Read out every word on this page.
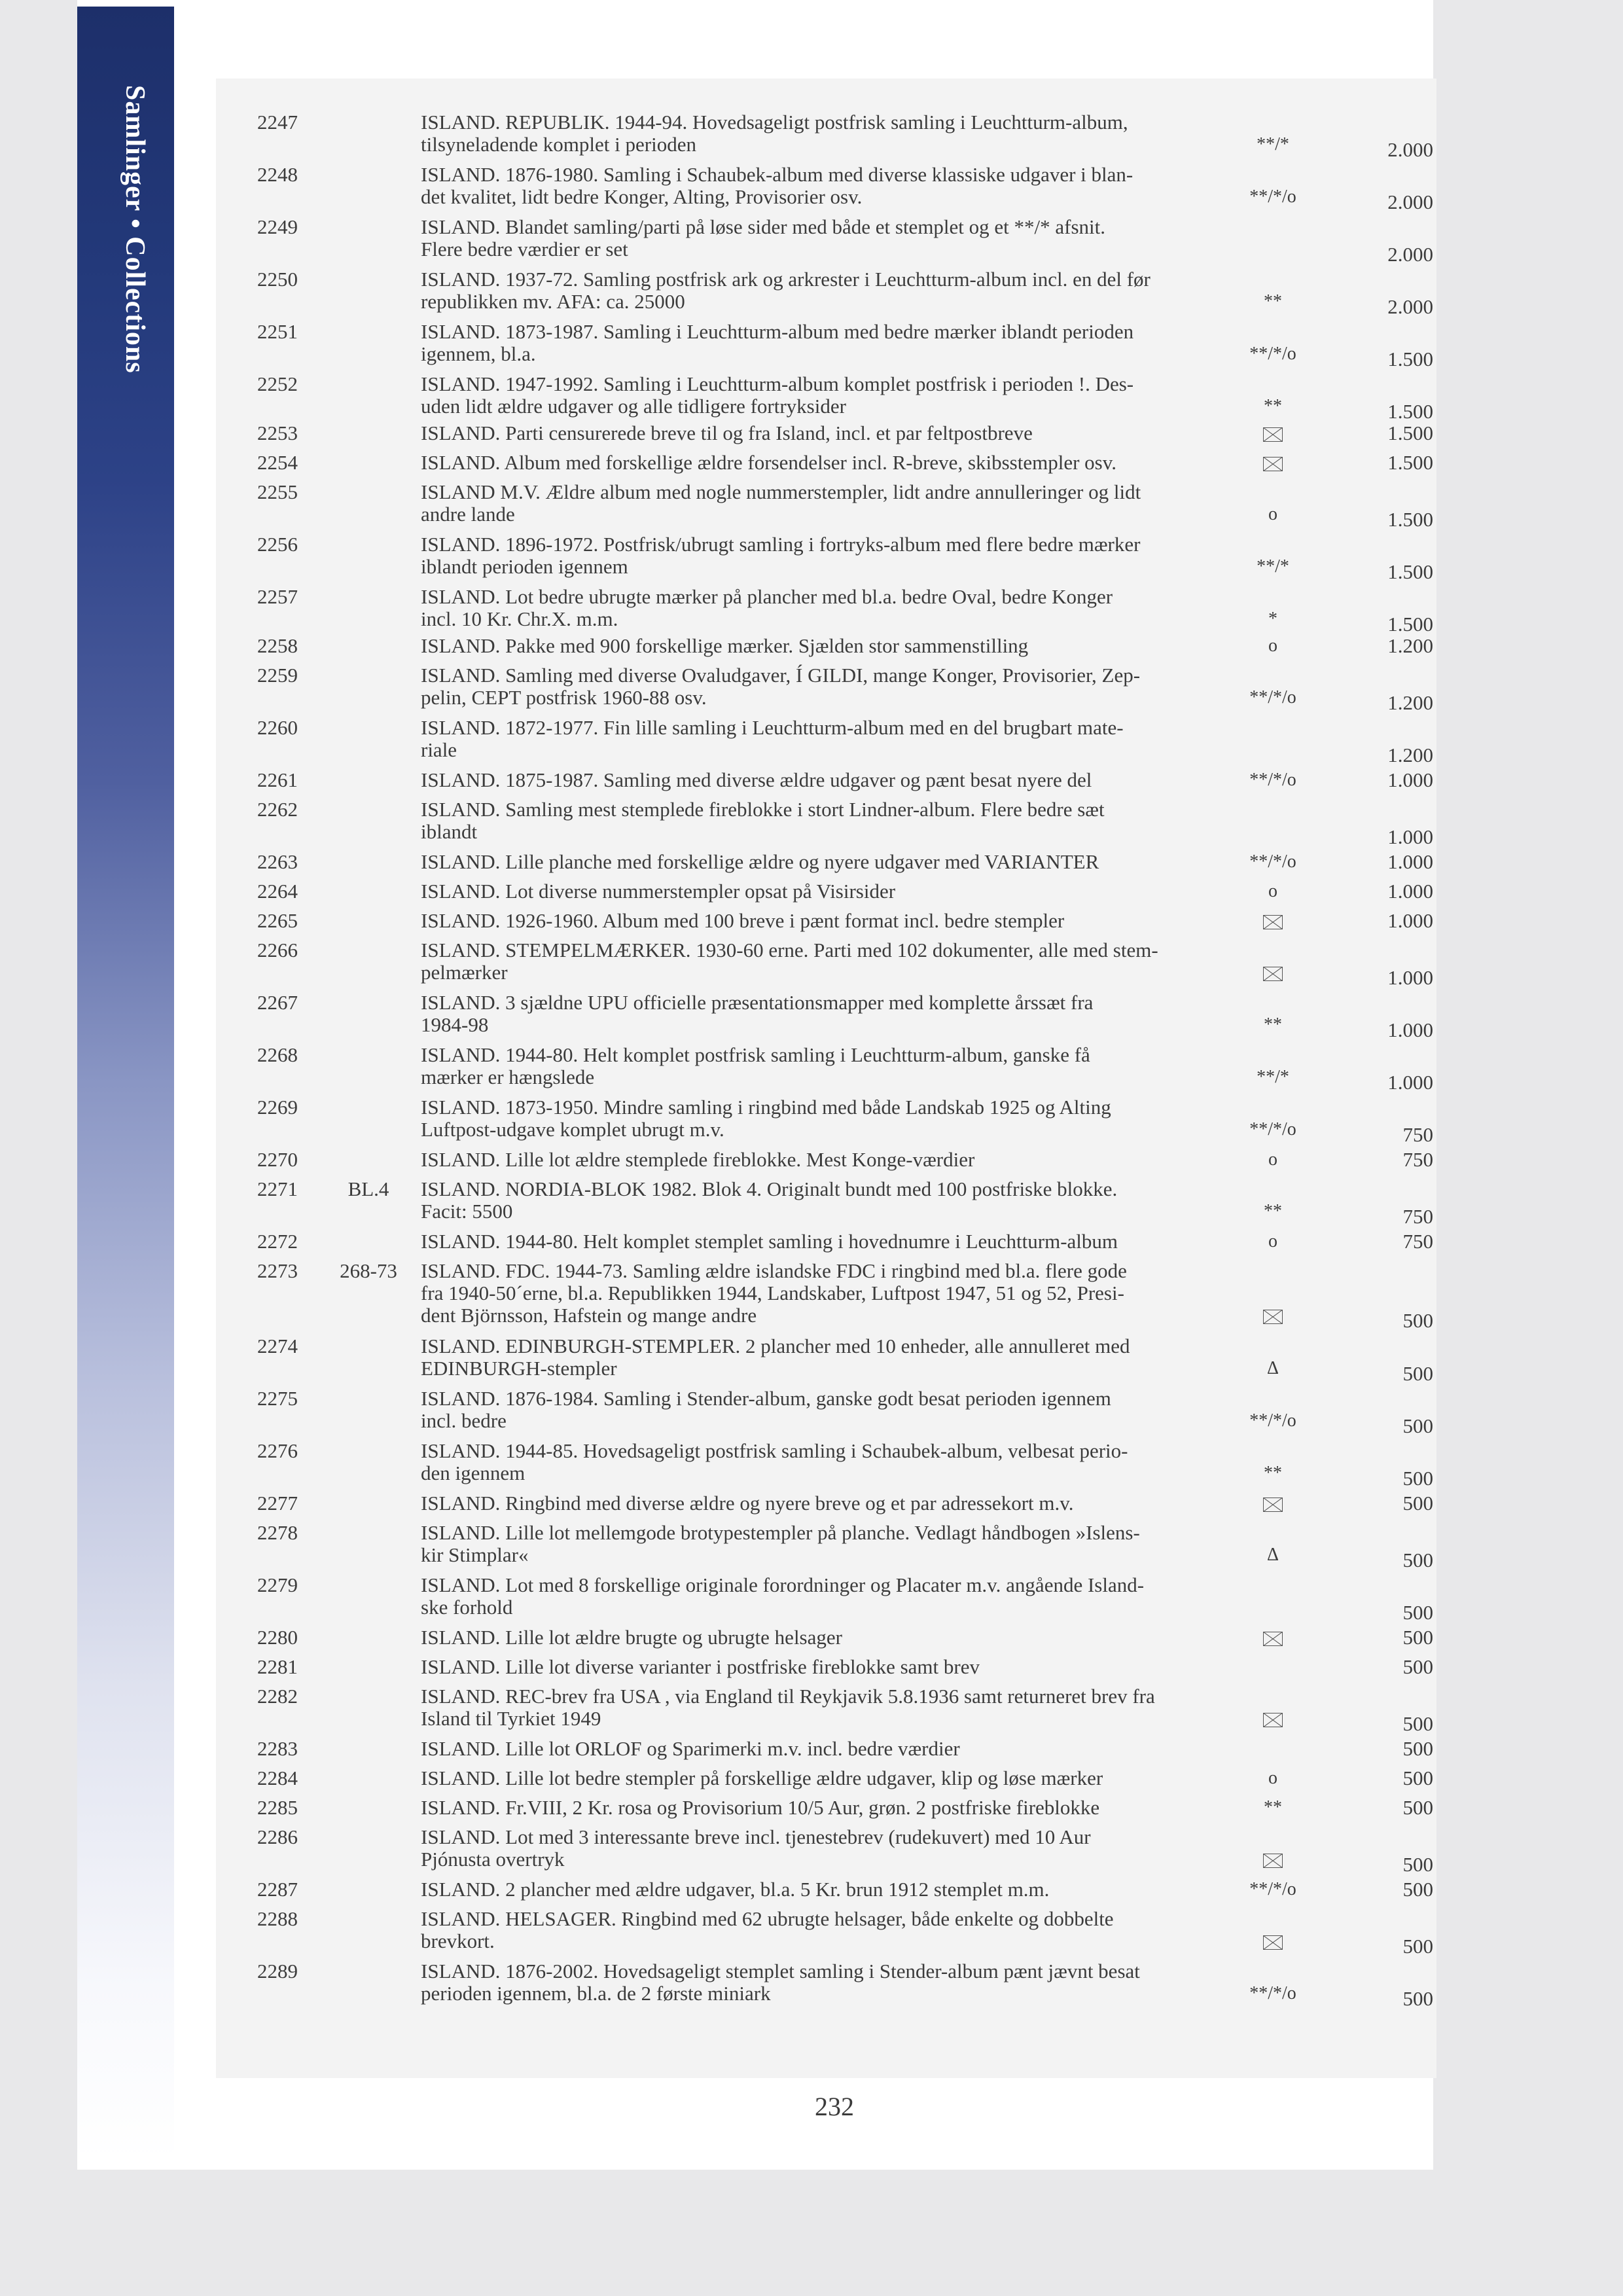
Samlinger • Collections	2247	ISLAND. REPUBLIK. 1944-94. Hovedsageligt postfrisk samling i Leuchtturm-album,
tilsyneladende komplet i perioden	**/*	2.000
2248	ISLAND. 1876-1980. Samling i Schaubek-album med diverse klassiske udgaver i blan-
det kvalitet, lidt bedre Konger, Alting, Provisorier osv.	**/*/o	2.000
2249	ISLAND. Blandet samling/parti på løse sider med både et stemplet og et **/* afsnit.
Flere bedre værdier er set	2.000
2250	ISLAND. 1937-72. Samling postfrisk ark og arkrester i Leuchtturm-album incl. en del før
republikken mv. AFA: ca. 25000	**	2.000
2251	ISLAND. 1873-1987. Samling i Leuchtturm-album med bedre mærker iblandt perioden
igennem, bl.a.	**/*/o	1.500
2252	ISLAND. 1947-1992. Samling i Leuchtturm-album komplet postfrisk i perioden !. Des-
uden lidt ældre udgaver og alle tidligere fortryksider	**	1.500
2253	ISLAND. Parti censurerede breve til og fra Island, incl. et par feltpostbreve	1.500
2254	ISLAND. Album med forskellige ældre forsendelser incl. R-breve, skibsstempler osv.	1.500
2255	ISLAND M.V. Ældre album med nogle nummerstempler, lidt andre annulleringer og lidt
andre lande	o	1.500
2256	ISLAND. 1896-1972. Postfrisk/ubrugt samling i fortryks-album med flere bedre mærker
iblandt perioden igennem	**/*	1.500
2257	ISLAND. Lot bedre ubrugte mærker på plancher med bl.a. bedre Oval, bedre Konger
incl. 10 Kr. Chr.X. m.m.	*	1.500
2258	ISLAND. Pakke med 900 forskellige mærker. Sjælden stor sammenstilling	o	1.200
2259	ISLAND. Samling med diverse Ovaludgaver, Í GILDI, mange Konger, Provisorier, Zep-
pelin, CEPT postfrisk 1960-88 osv.	**/*/o	1.200
2260	ISLAND. 1872-1977. Fin lille samling i Leuchtturm-album med en del brugbart mate-
riale	1.200
2261	ISLAND. 1875-1987. Samling med diverse ældre udgaver og pænt besat nyere del	**/*/o	1.000
2262	ISLAND. Samling mest stemplede fireblokke i stort Lindner-album. Flere bedre sæt
iblandt	1.000
2263	ISLAND. Lille planche med forskellige ældre og nyere udgaver med VARIANTER	**/*/o	1.000
2264	ISLAND. Lot diverse nummerstempler opsat på Visirsider	o	1.000
2265	ISLAND. 1926-1960. Album med 100 breve i pænt format incl. bedre stempler	1.000
2266	ISLAND. STEMPELMÆRKER. 1930-60 erne. Parti med 102 dokumenter, alle med stem-
pelmærker	1.000
2267	ISLAND. 3 sjældne UPU officielle præsentationsmapper med komplette årssæt fra
1984-98	**	1.000
2268	ISLAND. 1944-80. Helt komplet postfrisk samling i Leuchtturm-album, ganske få
mærker er hængslede	**/*	1.000
2269	ISLAND. 1873-1950. Mindre samling i ringbind med både Landskab 1925 og Alting
Luftpost-udgave komplet ubrugt m.v.	**/*/o	750
2270	ISLAND. Lille lot ældre stemplede fireblokke. Mest Konge-værdier	o	750
2271	BL.4	ISLAND. NORDIA-BLOK 1982. Blok 4. Originalt bundt med 100 postfriske blokke.
Facit: 5500	**	750
2272	ISLAND. 1944-80. Helt komplet stemplet samling i hovednumre i Leuchtturm-album	o	750
2273 268-73 ISLAND. FDC. 1944-73. Samling ældre islandske FDC i ringbind med bl.a. flere gode
fra 1940-50´erne, bl.a. Republikken 1944, Landskaber, Luftpost 1947, 51 og 52, Presi-
dent Björnsson, Hafstein og mange andre	500
2274	ISLAND. EDINBURGH-STEMPLER. 2 plancher med 10 enheder, alle annulleret med
EDINBURGH-stempler	Δ	500
2275	ISLAND. 1876-1984. Samling i Stender-album, ganske godt besat perioden igennem
incl. bedre	**/*/o	500
2276	ISLAND. 1944-85. Hovedsageligt postfrisk samling i Schaubek-album, velbesat perio-
den igennem	**	500
2277	ISLAND. Ringbind med diverse ældre og nyere breve og et par adressekort m.v.	500
2278	ISLAND. Lille lot mellemgode brotypestempler på planche. Vedlagt håndbogen »Islens-
kir Stimplar«	Δ	500
2279	ISLAND. Lot med 8 forskellige originale forordninger og Placater m.v. angående Island-
ske forhold	500
2280	ISLAND. Lille lot ældre brugte og ubrugte helsager	500
2281	ISLAND. Lille lot diverse varianter i postfriske fireblokke samt brev	500
2282	ISLAND. REC-brev fra USA , via England til Reykjavik 5.8.1936 samt returneret brev fra
Island til Tyrkiet 1949	500
2283	ISLAND. Lille lot ORLOF og Sparimerki m.v. incl. bedre værdier	500
2284	ISLAND. Lille lot bedre stempler på forskellige ældre udgaver, klip og løse mærker	o	500
2285	ISLAND. Fr.VIII, 2 Kr. rosa og Provisorium 10/5 Aur, grøn. 2 postfriske fireblokke	**	500
2286	ISLAND. Lot med 3 interessante breve incl. tjenestebrev (rudekuvert) med 10 Aur
Pjónusta overtryk	500
2287	ISLAND. 2 plancher med ældre udgaver, bl.a. 5 Kr. brun 1912 stemplet m.m.	**/*/o	500
2288	ISLAND. HELSAGER. Ringbind med 62 ubrugte helsager, både enkelte og dobbelte
brevkort.	500
2289	ISLAND. 1876-2002. Hovedsageligt stemplet samling i Stender-album pænt jævnt besat
perioden igennem, bl.a. de 2 første miniark	**/*/o	500
232
